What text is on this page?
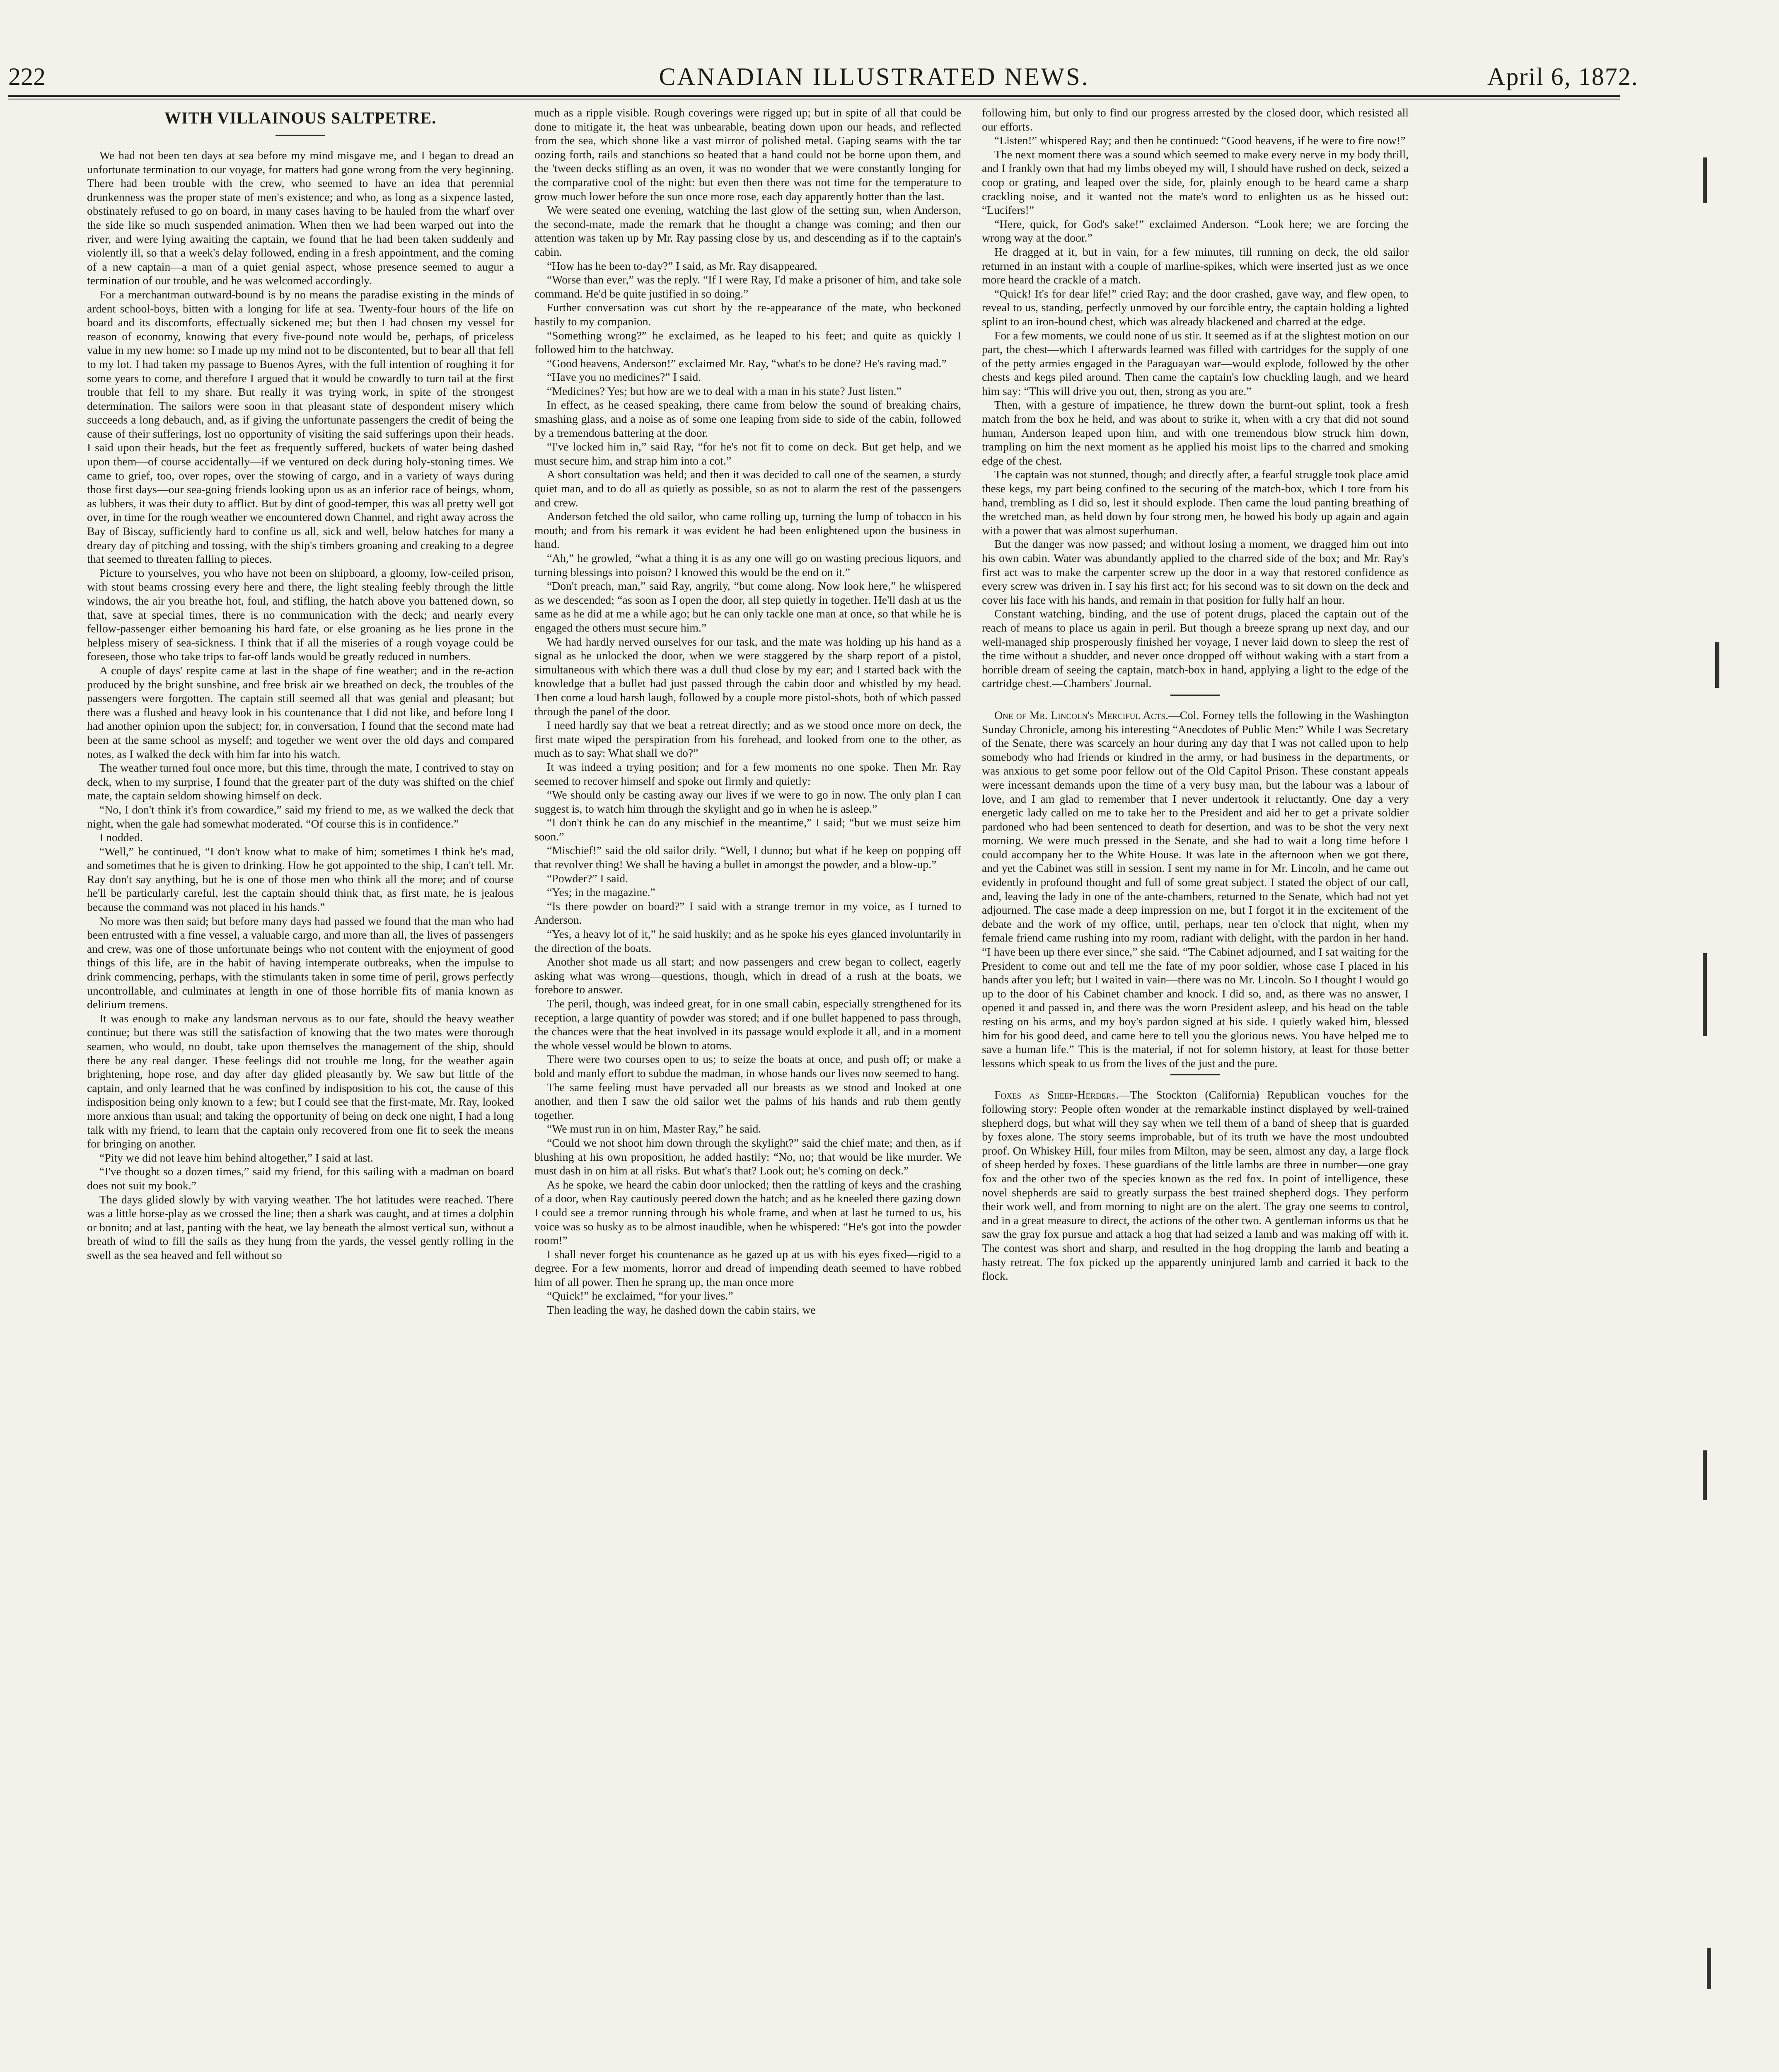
222	CANADIAN ILLUSTRATED NEWS.	April 6, 1872.
WITH VILLAINOUS SALTPETRE.

We had not been ten days at sea before my mind misgave me, and I began to dread an unfortunate termination to our voyage, for matters had gone wrong from the very beginning. There had been trouble with the crew, who seemed to have an idea that perennial drunkenness was the proper state of men's existence; and who, as long as a sixpence lasted, obstinately refused to go on board, in many cases having to be hauled from the wharf over the side like so much suspended animation. When then we had been warped out into the river, and were lying awaiting the captain, we found that he had been taken suddenly and violently ill, so that a week's delay followed, ending in a fresh appointment, and the coming of a new captain—a man of a quiet genial aspect, whose presence seemed to augur a termination of our trouble, and he was welcomed accordingly.

For a merchantman outward-bound is by no means the paradise existing in the minds of ardent school-boys, bitten with a longing for life at sea. Twenty-four hours of the life on board and its discomforts, effectually sickened me; but then I had chosen my vessel for reason of economy, knowing that every five-pound note would be, perhaps, of priceless value in my new home: so I made up my mind not to be discontented, but to bear all that fell to my lot. I had taken my passage to Buenos Ayres, with the full intention of roughing it for some years to come, and therefore I argued that it would be cowardly to turn tail at the first trouble that fell to my share. But really it was trying work, in spite of the strongest determination. The sailors were soon in that pleasant state of despondent misery which succeeds a long debauch, and, as if giving the unfortunate passengers the credit of being the cause of their sufferings, lost no opportunity of visiting the said sufferings upon their heads. I said upon their heads, but the feet as frequently suffered, buckets of water being dashed upon them—of course accidentally—if we ventured on deck during holy-stoning times. We came to grief, too, over ropes, over the stowing of cargo, and in a variety of ways during those first days—our sea-going friends looking upon us as an inferior race of beings, whom, as lubbers, it was their duty to afflict. But by dint of good-temper, this was all pretty well got over, in time for the rough weather we encountered down Channel, and right away across the Bay of Biscay, sufficiently hard to confine us all, sick and well, below hatches for many a dreary day of pitching and tossing, with the ship's timbers groaning and creaking to a degree that seemed to threaten falling to pieces.

Picture to yourselves, you who have not been on shipboard, a gloomy, low-ceiled prison, with stout beams crossing every here and there, the light stealing feebly through the little windows, the air you breathe hot, foul, and stifling, the hatch above you battened down, so that, save at special times, there is no communication with the deck; and nearly every fellow-passenger either bemoaning his hard fate, or else groaning as he lies prone in the helpless misery of sea-sickness. I think that if all the miseries of a rough voyage could be foreseen, those who take trips to far-off lands would be greatly reduced in numbers.

A couple of days' respite came at last in the shape of fine weather; and in the re-action produced by the bright sunshine, and free brisk air we breathed on deck, the troubles of the passengers were forgotten. The captain still seemed all that was genial and pleasant; but there was a flushed and heavy look in his countenance that I did not like, and before long I had another opinion upon the subject; for, in conversation, I found that the second mate had been at the same school as myself; and together we went over the old days and compared notes, as I walked the deck with him far into his watch.

The weather turned foul once more, but this time, through the mate, I contrived to stay on deck, when to my surprise, I found that the greater part of the duty was shifted on the chief mate, the captain seldom showing himself on deck.

“No, I don't think it's from cowardice,” said my friend to me, as we walked the deck that night, when the gale had somewhat moderated. “Of course this is in confidence.”

I nodded.

“Well,” he continued, “I don't know what to make of him; sometimes I think he's mad, and sometimes that he is given to drinking. How he got appointed to the ship, I can't tell. Mr. Ray don't say anything, but he is one of those men who think all the more; and of course he'll be particularly careful, lest the captain should think that, as first mate, he is jealous because the command was not placed in his hands.”

No more was then said; but before many days had passed we found that the man who had been entrusted with a fine vessel, a valuable cargo, and more than all, the lives of passengers and crew, was one of those unfortunate beings who not content with the enjoyment of good things of this life, are in the habit of having intemperate outbreaks, when the impulse to drink commencing, perhaps, with the stimulants taken in some time of peril, grows perfectly uncontrollable, and culminates at length in one of those horrible fits of mania known as delirium tremens.

It was enough to make any landsman nervous as to our fate, should the heavy weather continue; but there was still the satisfaction of knowing that the two mates were thorough seamen, who would, no doubt, take upon themselves the management of the ship, should there be any real danger. These feelings did not trouble me long, for the weather again brightening, hope rose, and day after day glided pleasantly by. We saw but little of the captain, and only learned that he was confined by indisposition to his cot, the cause of this indisposition being only known to a few; but I could see that the first-mate, Mr. Ray, looked more anxious than usual; and taking the opportunity of being on deck one night, I had a long talk with my friend, to learn that the captain only recovered from one fit to seek the means for bringing on another.

“Pity we did not leave him behind altogether,” I said at last.

“I've thought so a dozen times,” said my friend, for this sailing with a madman on board does not suit my book.”

The days glided slowly by with varying weather. The hot latitudes were reached. There was a little horse-play as we crossed the line; then a shark was caught, and at times a dolphin or bonito; and at last, panting with the heat, we lay beneath the almost vertical sun, without a breath of wind to fill the sails as they hung from the yards, the vessel gently rolling in the swell as the sea heaved and fell without so

much as a ripple visible. Rough coverings were rigged up; but in spite of all that could be done to mitigate it, the heat was unbearable, beating down upon our heads, and reflected from the sea, which shone like a vast mirror of polished metal. Gaping seams with the tar oozing forth, rails and stanchions so heated that a hand could not be borne upon them, and the 'tween decks stifling as an oven, it was no wonder that we were constantly longing for the comparative cool of the night: but even then there was not time for the temperature to grow much lower before the sun once more rose, each day apparently hotter than the last.

We were seated one evening, watching the last glow of the setting sun, when Anderson, the second-mate, made the remark that he thought a change was coming; and then our attention was taken up by Mr. Ray passing close by us, and descending as if to the captain's cabin.

“How has he been to-day?” I said, as Mr. Ray disappeared.

“Worse than ever,” was the reply. “If I were Ray, I'd make a prisoner of him, and take sole command. He'd be quite justified in so doing.”

Further conversation was cut short by the re-appearance of the mate, who beckoned hastily to my companion.

“Something wrong?” he exclaimed, as he leaped to his feet; and quite as quickly I followed him to the hatchway.

“Good heavens, Anderson!” exclaimed Mr. Ray, “what's to be done? He's raving mad.”

“Have you no medicines?” I said.

“Medicines? Yes; but how are we to deal with a man in his state? Just listen.”

In effect, as he ceased speaking, there came from below the sound of breaking chairs, smashing glass, and a noise as of some one leaping from side to side of the cabin, followed by a tremendous battering at the door.

“I've locked him in,” said Ray, “for he's not fit to come on deck. But get help, and we must secure him, and strap him into a cot.”

A short consultation was held; and then it was decided to call one of the seamen, a sturdy quiet man, and to do all as quietly as possible, so as not to alarm the rest of the passengers and crew.

Anderson fetched the old sailor, who came rolling up, turning the lump of tobacco in his mouth; and from his remark it was evident he had been enlightened upon the business in hand.

“Ah,” he growled, “what a thing it is as any one will go on wasting precious liquors, and turning blessings into poison? I knowed this would be the end on it.”

“Don't preach, man,” said Ray, angrily, “but come along. Now look here,” he whispered as we descended; “as soon as I open the door, all step quietly in together. He'll dash at us the same as he did at me a while ago; but he can only tackle one man at once, so that while he is engaged the others must secure him.”

We had hardly nerved ourselves for our task, and the mate was holding up his hand as a signal as he unlocked the door, when we were staggered by the sharp report of a pistol, simultaneous with which there was a dull thud close by my ear; and I started back with the knowledge that a bullet had just passed through the cabin door and whistled by my head. Then come a loud harsh laugh, followed by a couple more pistol-shots, both of which passed through the panel of the door.

I need hardly say that we beat a retreat directly; and as we stood once more on deck, the first mate wiped the perspiration from his forehead, and looked from one to the other, as much as to say: What shall we do?”

It was indeed a trying position; and for a few moments no one spoke. Then Mr. Ray seemed to recover himself and spoke out firmly and quietly:

“We should only be casting away our lives if we were to go in now. The only plan I can suggest is, to watch him through the skylight and go in when he is asleep.”

“I don't think he can do any mischief in the meantime,” I said; “but we must seize him soon.”

“Mischief!” said the old sailor drily. “Well, I dunno; but what if he keep on popping off that revolver thing! We shall be having a bullet in amongst the powder, and a blow-up.”

“Powder?” I said.

“Yes; in the magazine.”

“Is there powder on board?” I said with a strange tremor in my voice, as I turned to Anderson.

“Yes, a heavy lot of it,” he said huskily; and as he spoke his eyes glanced involuntarily in the direction of the boats.

Another shot made us all start; and now passengers and crew began to collect, eagerly asking what was wrong—questions, though, which in dread of a rush at the boats, we forebore to answer.

The peril, though, was indeed great, for in one small cabin, especially strengthened for its reception, a large quantity of powder was stored; and if one bullet happened to pass through, the chances were that the heat involved in its passage would explode it all, and in a moment the whole vessel would be blown to atoms.

There were two courses open to us; to seize the boats at once, and push off; or make a bold and manly effort to subdue the madman, in whose hands our lives now seemed to hang.

The same feeling must have pervaded all our breasts as we stood and looked at one another, and then I saw the old sailor wet the palms of his hands and rub them gently together.

“We must run in on him, Master Ray,” he said.

“Could we not shoot him down through the skylight?” said the chief mate; and then, as if blushing at his own proposition, he added hastily: “No, no; that would be like murder. We must dash in on him at all risks. But what's that? Look out; he's coming on deck.”

As he spoke, we heard the cabin door unlocked; then the rattling of keys and the crashing of a door, when Ray cautiously peered down the hatch; and as he kneeled there gazing down I could see a tremor running through his whole frame, and when at last he turned to us, his voice was so husky as to be almost inaudible, when he whispered: “He's got into the powder room!”

I shall never forget his countenance as he gazed up at us with his eyes fixed—rigid to a degree. For a few moments, horror and dread of impending death seemed to have robbed him of all power. Then he sprang up, the man once more

“Quick!” he exclaimed, “for your lives.”

Then leading the way, he dashed down the cabin stairs, we

following him, but only to find our progress arrested by the closed door, which resisted all our efforts.

“Listen!” whispered Ray; and then he continued: “Good heavens, if he were to fire now!”

The next moment there was a sound which seemed to make every nerve in my body thrill, and I frankly own that had my limbs obeyed my will, I should have rushed on deck, seized a coop or grating, and leaped over the side, for, plainly enough to be heard came a sharp crackling noise, and it wanted not the mate's word to enlighten us as he hissed out: “Lucifers!”

“Here, quick, for God's sake!” exclaimed Anderson. “Look here; we are forcing the wrong way at the door.”

He dragged at it, but in vain, for a few minutes, till running on deck, the old sailor returned in an instant with a couple of marline-spikes, which were inserted just as we once more heard the crackle of a match.

“Quick! It's for dear life!” cried Ray; and the door crashed, gave way, and flew open, to reveal to us, standing, perfectly unmoved by our forcible entry, the captain holding a lighted splint to an iron-bound chest, which was already blackened and charred at the edge.

For a few moments, we could none of us stir. It seemed as if at the slightest motion on our part, the chest—which I afterwards learned was filled with cartridges for the supply of one of the petty armies engaged in the Paraguayan war—would explode, followed by the other chests and kegs piled around. Then came the captain's low chuckling laugh, and we heard him say: “This will drive you out, then, strong as you are.”

Then, with a gesture of impatience, he threw down the burnt-out splint, took a fresh match from the box he held, and was about to strike it, when with a cry that did not sound human, Anderson leaped upon him, and with one tremendous blow struck him down, trampling on him the next moment as he applied his moist lips to the charred and smoking edge of the chest.

The captain was not stunned, though; and directly after, a fearful struggle took place amid these kegs, my part being confined to the securing of the match-box, which I tore from his hand, trembling as I did so, lest it should explode. Then came the loud panting breathing of the wretched man, as held down by four strong men, he bowed his body up again and again with a power that was almost superhuman.

But the danger was now passed; and without losing a moment, we dragged him out into his own cabin. Water was abundantly applied to the charred side of the box; and Mr. Ray's first act was to make the carpenter screw up the door in a way that restored confidence as every screw was driven in. I say his first act; for his second was to sit down on the deck and cover his face with his hands, and remain in that position for fully half an hour.

Constant watching, binding, and the use of potent drugs, placed the captain out of the reach of means to place us again in peril. But though a breeze sprang up next day, and our well-managed ship prosperously finished her voyage, I never laid down to sleep the rest of the time without a shudder, and never once dropped off without waking with a start from a horrible dream of seeing the captain, match-box in hand, applying a light to the edge of the cartridge chest.—Chambers' Journal.

One of Mr. Lincoln's Merciful Acts.—Col. Forney tells the following in the Washington Sunday Chronicle, among his interesting “Anecdotes of Public Men:” While I was Secretary of the Senate, there was scarcely an hour during any day that I was not called upon to help somebody who had friends or kindred in the army, or had business in the departments, or was anxious to get some poor fellow out of the Old Capitol Prison. These constant appeals were incessant demands upon the time of a very busy man, but the labour was a labour of love, and I am glad to remember that I never undertook it reluctantly. One day a very energetic lady called on me to take her to the President and aid her to get a private soldier pardoned who had been sentenced to death for desertion, and was to be shot the very next morning. We were much pressed in the Senate, and she had to wait a long time before I could accompany her to the White House. It was late in the afternoon when we got there, and yet the Cabinet was still in session. I sent my name in for Mr. Lincoln, and he came out evidently in profound thought and full of some great subject. I stated the object of our call, and, leaving the lady in one of the ante-chambers, returned to the Senate, which had not yet adjourned. The case made a deep impression on me, but I forgot it in the excitement of the debate and the work of my office, until, perhaps, near ten o'clock that night, when my female friend came rushing into my room, radiant with delight, with the pardon in her hand. “I have been up there ever since,” she said. “The Cabinet adjourned, and I sat waiting for the President to come out and tell me the fate of my poor soldier, whose case I placed in his hands after you left; but I waited in vain—there was no Mr. Lincoln. So I thought I would go up to the door of his Cabinet chamber and knock. I did so, and, as there was no answer, I opened it and passed in, and there was the worn President asleep, and his head on the table resting on his arms, and my boy's pardon signed at his side. I quietly waked him, blessed him for his good deed, and came here to tell you the glorious news. You have helped me to save a human life.” This is the material, if not for solemn history, at least for those better lessons which speak to us from the lives of the just and the pure.

Foxes as Sheep-Herders.—The Stockton (California) Republican vouches for the following story: People often wonder at the remarkable instinct displayed by well-trained shepherd dogs, but what will they say when we tell them of a band of sheep that is guarded by foxes alone. The story seems improbable, but of its truth we have the most undoubted proof. On Whiskey Hill, four miles from Milton, may be seen, almost any day, a large flock of sheep herded by foxes. These guardians of the little lambs are three in number—one gray fox and the other two of the species known as the red fox. In point of intelligence, these novel shepherds are said to greatly surpass the best trained shepherd dogs. They perform their work well, and from morning to night are on the alert. The gray one seems to control, and in a great measure to direct, the actions of the other two. A gentleman informs us that he saw the gray fox pursue and attack a hog that had seized a lamb and was making off with it. The contest was short and sharp, and resulted in the hog dropping the lamb and beating a hasty retreat. The fox picked up the apparently uninjured lamb and carried it back to the flock.
